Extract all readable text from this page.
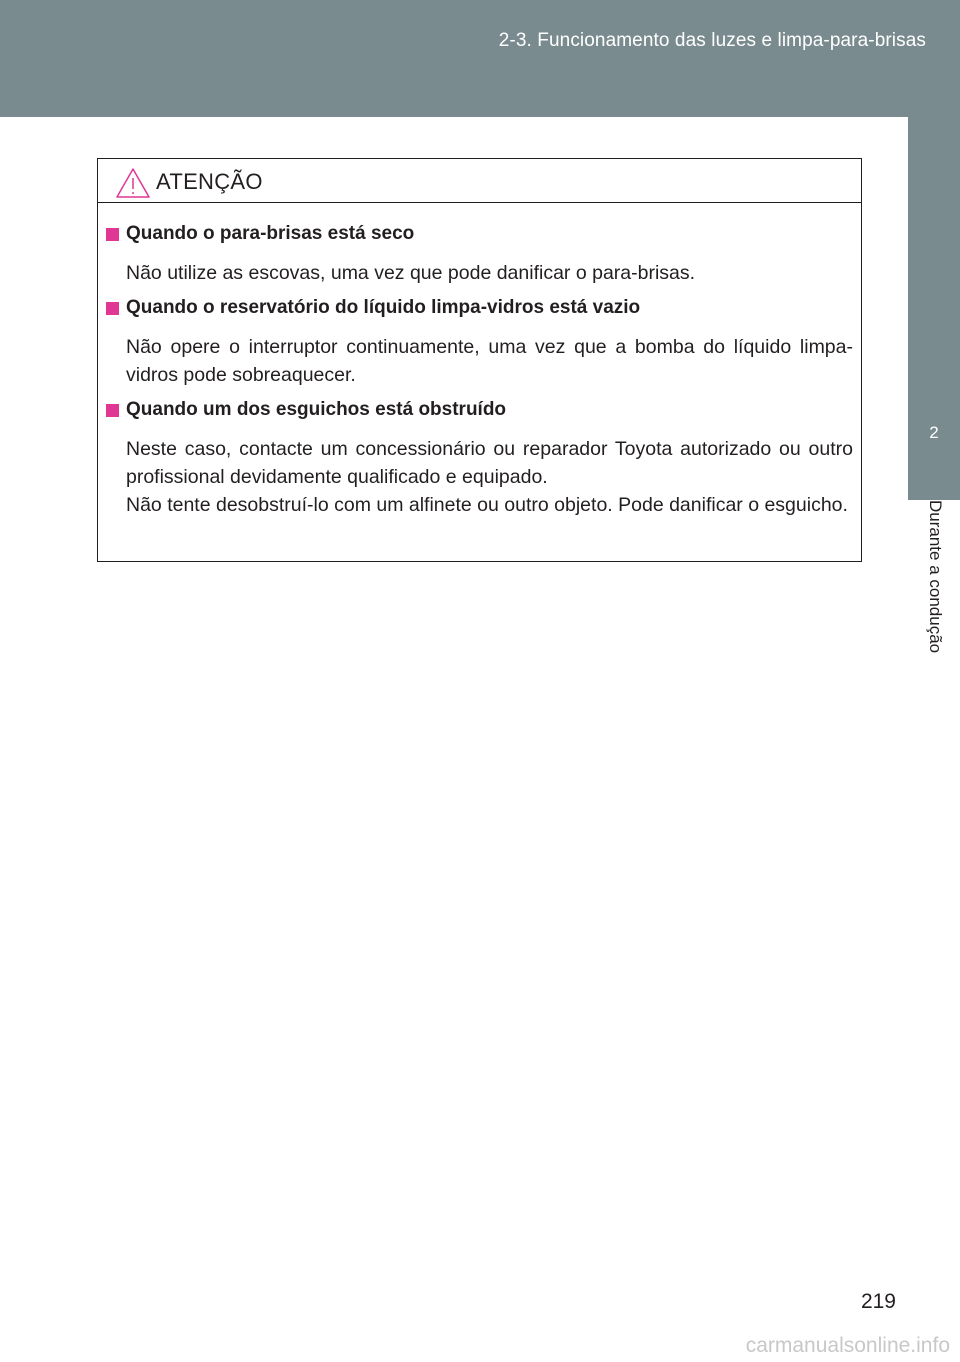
2-3. Funcionamento das luzes e limpa-para-brisas
2
Durante a condução
ATENÇÃO
Quando o para-brisas está seco

Não utilize as escovas, uma vez que pode danificar o para-brisas.

Quando o reservatório do líquido limpa-vidros está vazio

Não opere o interruptor continuamente, uma vez que a bomba do líquido limpa-vidros pode sobreaquecer.

Quando um dos esguichos está obstruído

Neste caso, contacte um concessionário ou reparador Toyota autorizado ou outro profissional devidamente qualificado e equipado.

Não tente desobstruí-lo com um alfinete ou outro objeto. Pode danificar o esguicho.

219
carmanualsonline.info
